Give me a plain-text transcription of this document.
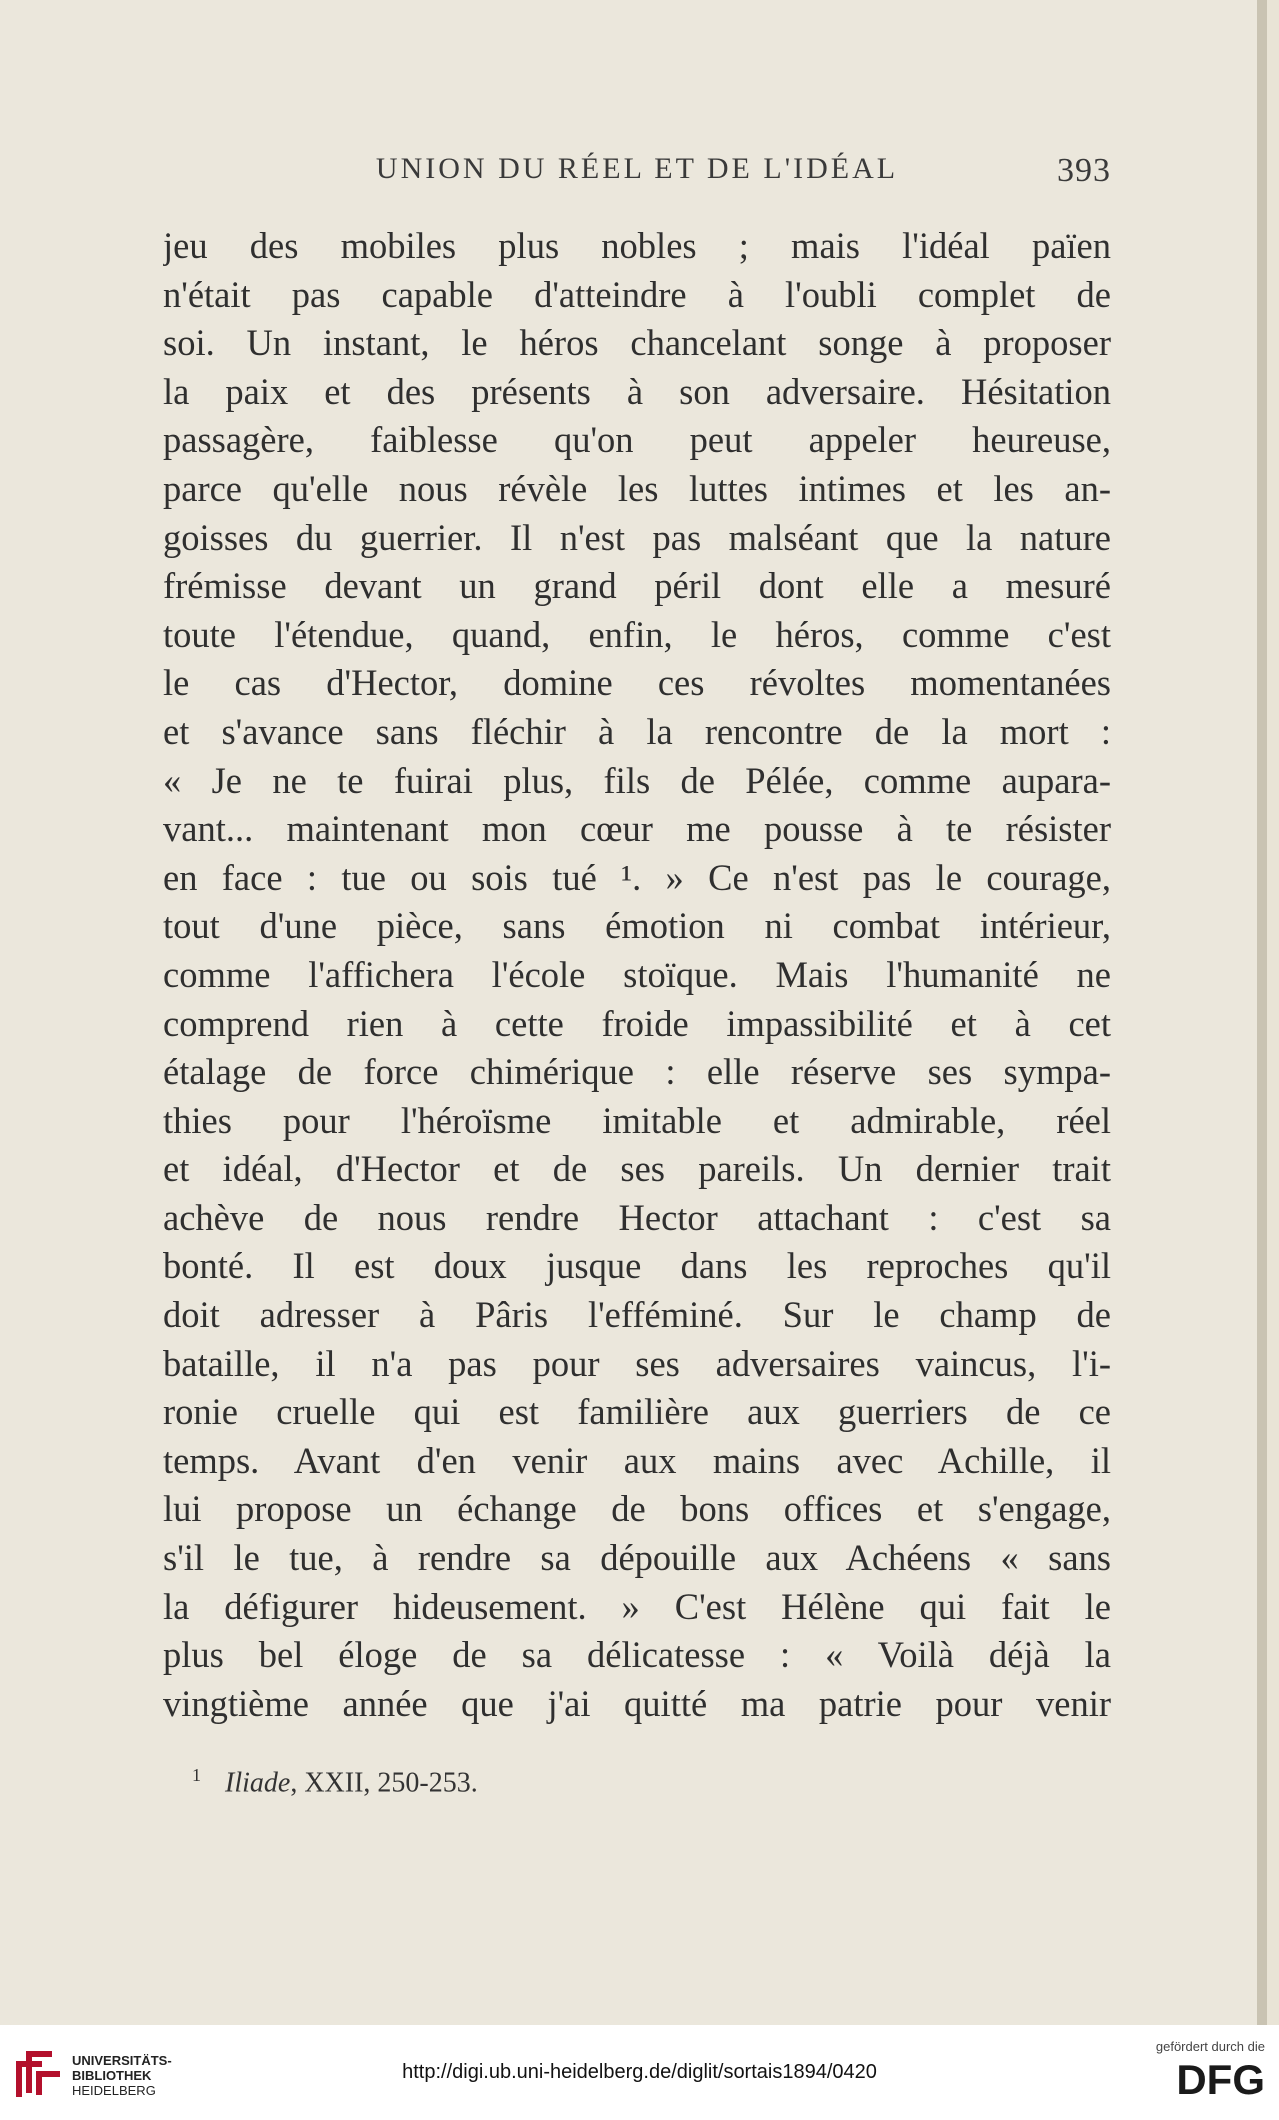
UNION DU RÉEL ET DE L'IDÉAL	393
jeu des mobiles plus nobles ; mais l'idéal païen
n'était pas capable d'atteindre à l'oubli complet de
soi. Un instant, le héros chancelant songe à proposer
la paix et des présents à son adversaire. Hésitation
passagère, faiblesse qu'on peut appeler heureuse,
parce qu'elle nous révèle les luttes intimes et les an-
goisses du guerrier. Il n'est pas malséant que la nature
frémisse devant un grand péril dont elle a mesuré
toute l'étendue, quand, enfin, le héros, comme c'est
le cas d'Hector, domine ces révoltes momentanées
et s'avance sans fléchir à la rencontre de la mort :
« Je ne te fuirai plus, fils de Pélée, comme aupara-
vant... maintenant mon cœur me pousse à te résister
en face : tue ou sois tué ¹. » Ce n'est pas le courage,
tout d'une pièce, sans émotion ni combat intérieur,
comme l'affichera l'école stoïque. Mais l'humanité ne
comprend rien à cette froide impassibilité et à cet
étalage de force chimérique : elle réserve ses sympa-
thies pour l'héroïsme imitable et admirable, réel
et idéal, d'Hector et de ses pareils. Un dernier trait
achève de nous rendre Hector attachant : c'est sa
bonté. Il est doux jusque dans les reproches qu'il
doit adresser à Pâris l'efféminé. Sur le champ de
bataille, il n'a pas pour ses adversaires vaincus, l'i-
ronie cruelle qui est familière aux guerriers de ce
temps. Avant d'en venir aux mains avec Achille, il
lui propose un échange de bons offices et s'engage,
s'il le tue, à rendre sa dépouille aux Achéens « sans
la défigurer hideusement. » C'est Hélène qui fait le
plus bel éloge de sa délicatesse : « Voilà déjà la
vingtième année que j'ai quitté ma patrie pour venir
$^1$ Iliade, XXII, 250-253.
UNIVERSITÄTS-
BIBLIOTHEK
HEIDELBERG
http://digi.ub.uni-heidelberg.de/diglit/sortais1894/0420
gefördert durch die
DFG
